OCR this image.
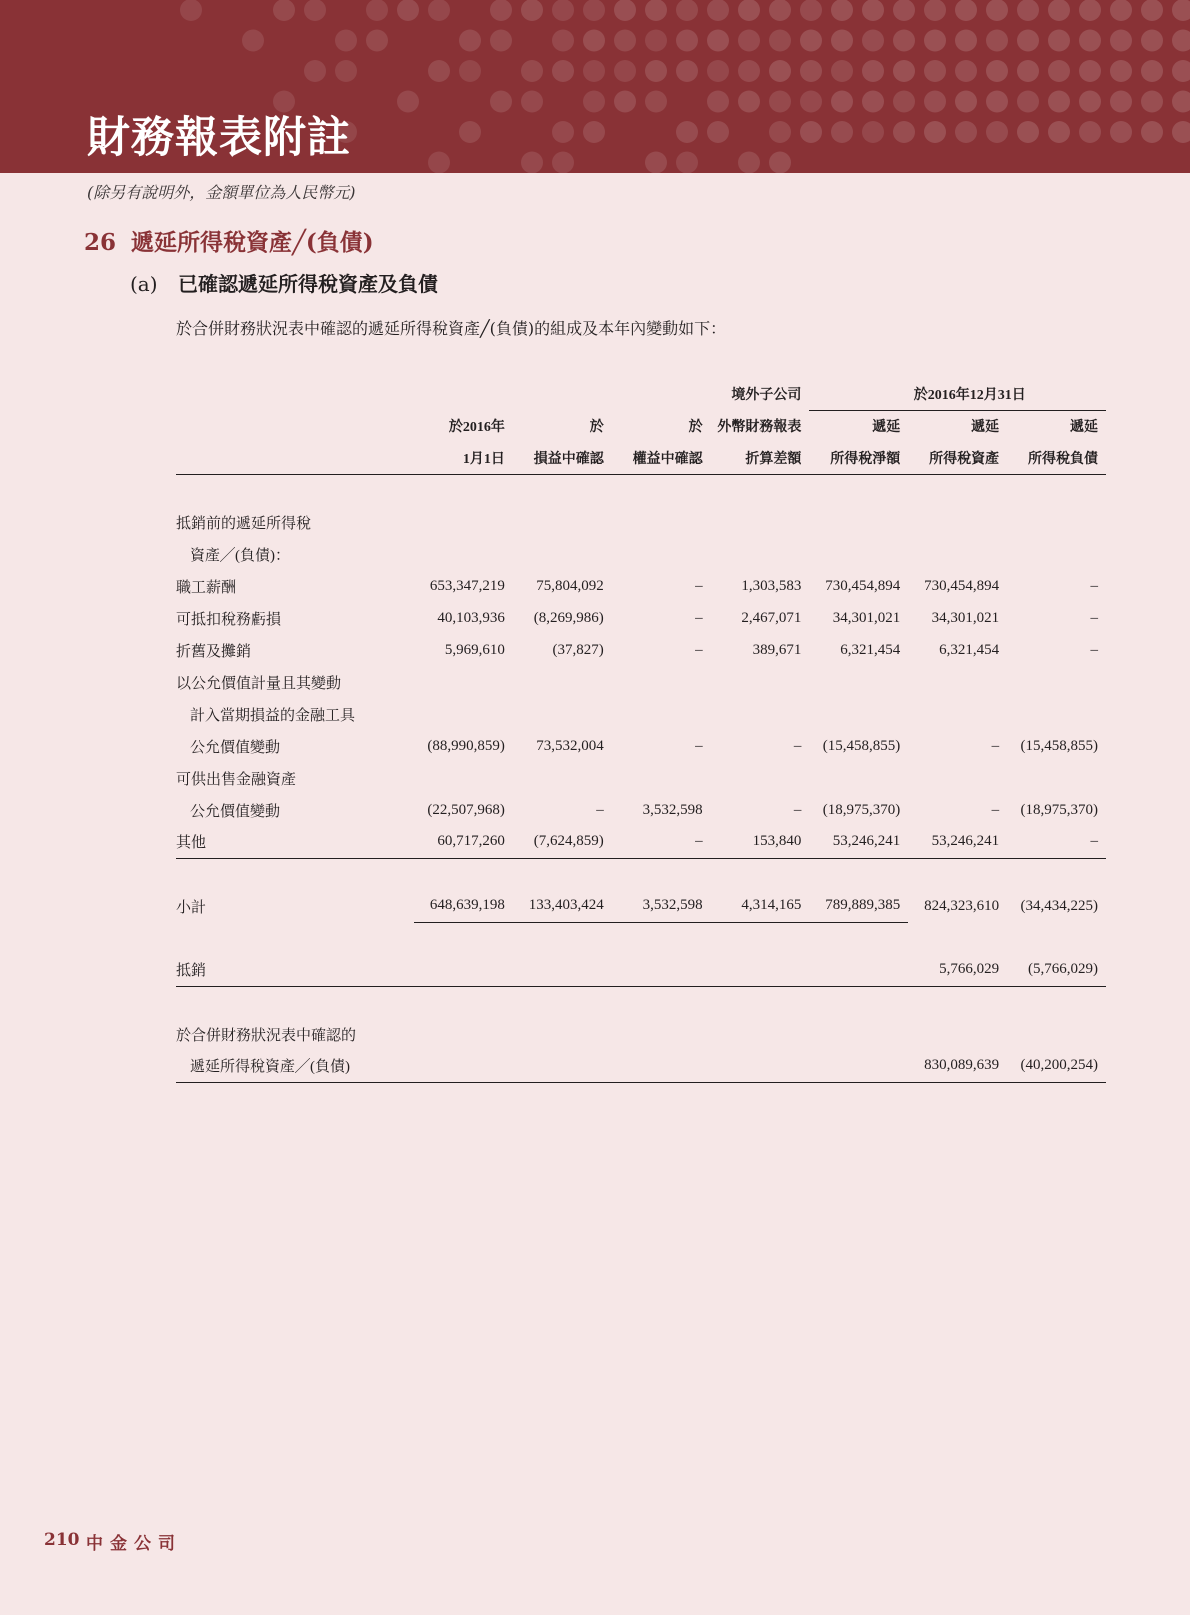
財務報表附註
(除另有說明外，金額單位為人民幣元)
26 遞延所得稅資產╱(負債)
(a) 已確認遞延所得稅資產及負債
於合併財務狀況表中確認的遞延所得稅資產╱(負債)的組成及本年內變動如下：
				境外子公司	於2016年12月31日		
	於2016年	於	於	外幣財務報表	遞延	遞延	遞延
	1月1日	損益中確認	權益中確認	折算差額	所得稅淨額	所得稅資產	所得稅負債

抵銷前的遞延所得稅							
資產╱(負債)：							
職工薪酬	653,347,219	75,804,092	–	1,303,583	730,454,894	730,454,894	–
可抵扣稅務虧損	40,103,936	(8,269,986)	–	2,467,071	34,301,021	34,301,021	–
折舊及攤銷	5,969,610	(37,827)	–	389,671	6,321,454	6,321,454	–
以公允價值計量且其變動							
計入當期損益的金融工具							
公允價值變動	(88,990,859)	73,532,004	–	–	(15,458,855)	–	(15,458,855)
可供出售金融資產							
公允價值變動	(22,507,968)	–	3,532,598	–	(18,975,370)	–	(18,975,370)
其他	60,717,260	(7,624,859)	–	153,840	53,246,241	53,246,241	–

小計	648,639,198	133,403,424	3,532,598	4,314,165	789,889,385	824,323,610	(34,434,225)

抵銷						5,766,029	(5,766,029)

於合併財務狀況表中確認的							
遞延所得稅資產╱(負債)						830,089,639	(40,200,254)
210 中金公司
